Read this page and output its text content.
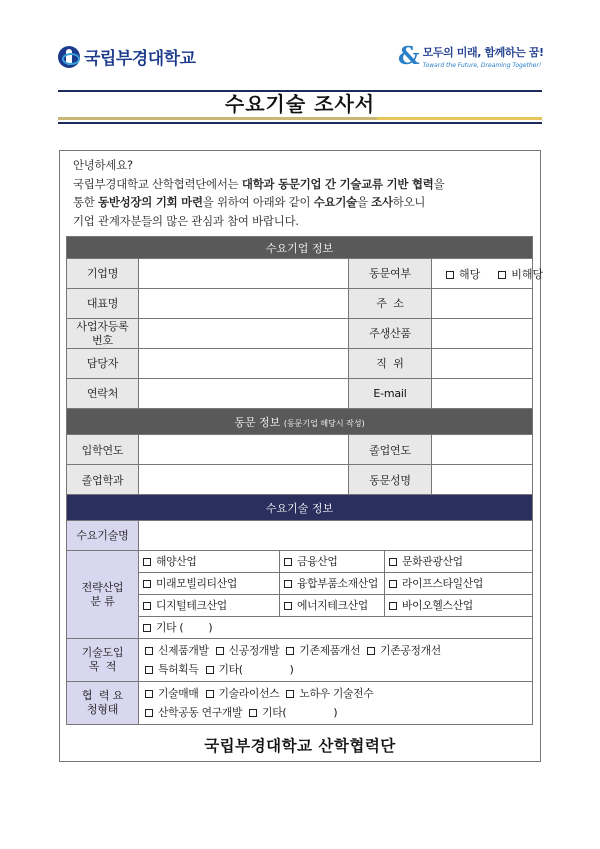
국립부경대학교	& 모두의 미래, 함께하는 꿈!
Toward the Future, Dreaming Together!
수요기술 조사서
안녕하세요?
국립부경대학교 산학협력단에서는 대학과 동문기업 간 기술교류 기반 협력을
통한 동반성장의 기회 마련을 위하여 아래와 같이 수요기술을 조사하오니
기업 관계자분들의 많은 관심과 참여 바랍니다.
수요기업 정보					
기업명			동문여부		해당 비해당
대표명			주  소		
사업자등록 번호			주생산품		
담당자			직  위		
연락처			E-mail		
동문 정보 (동문기업 해당시 작성)					
입학연도			졸업연도		
졸업학과			동문성명		
수요기술 정보					
수요기술명					
전략산업 분 류	해양산업	금융산업		문화관광산업	
	미래모빌리티산업	융합부품소재산업		라이프스타일산업	
	디지털테크산업	에너지테크산업		바이오헬스산업	
	기타 (        )				
기술도입 목  적	신제품개발 신공정개발 기존제품개선 기존공정개선
특허획득 기타(               )				

협  력 요청형태	기술매매 기술라이선스 노하우 기술전수
산학공동 연구개발 기타(               )				
국립부경대학교 산학협력단
